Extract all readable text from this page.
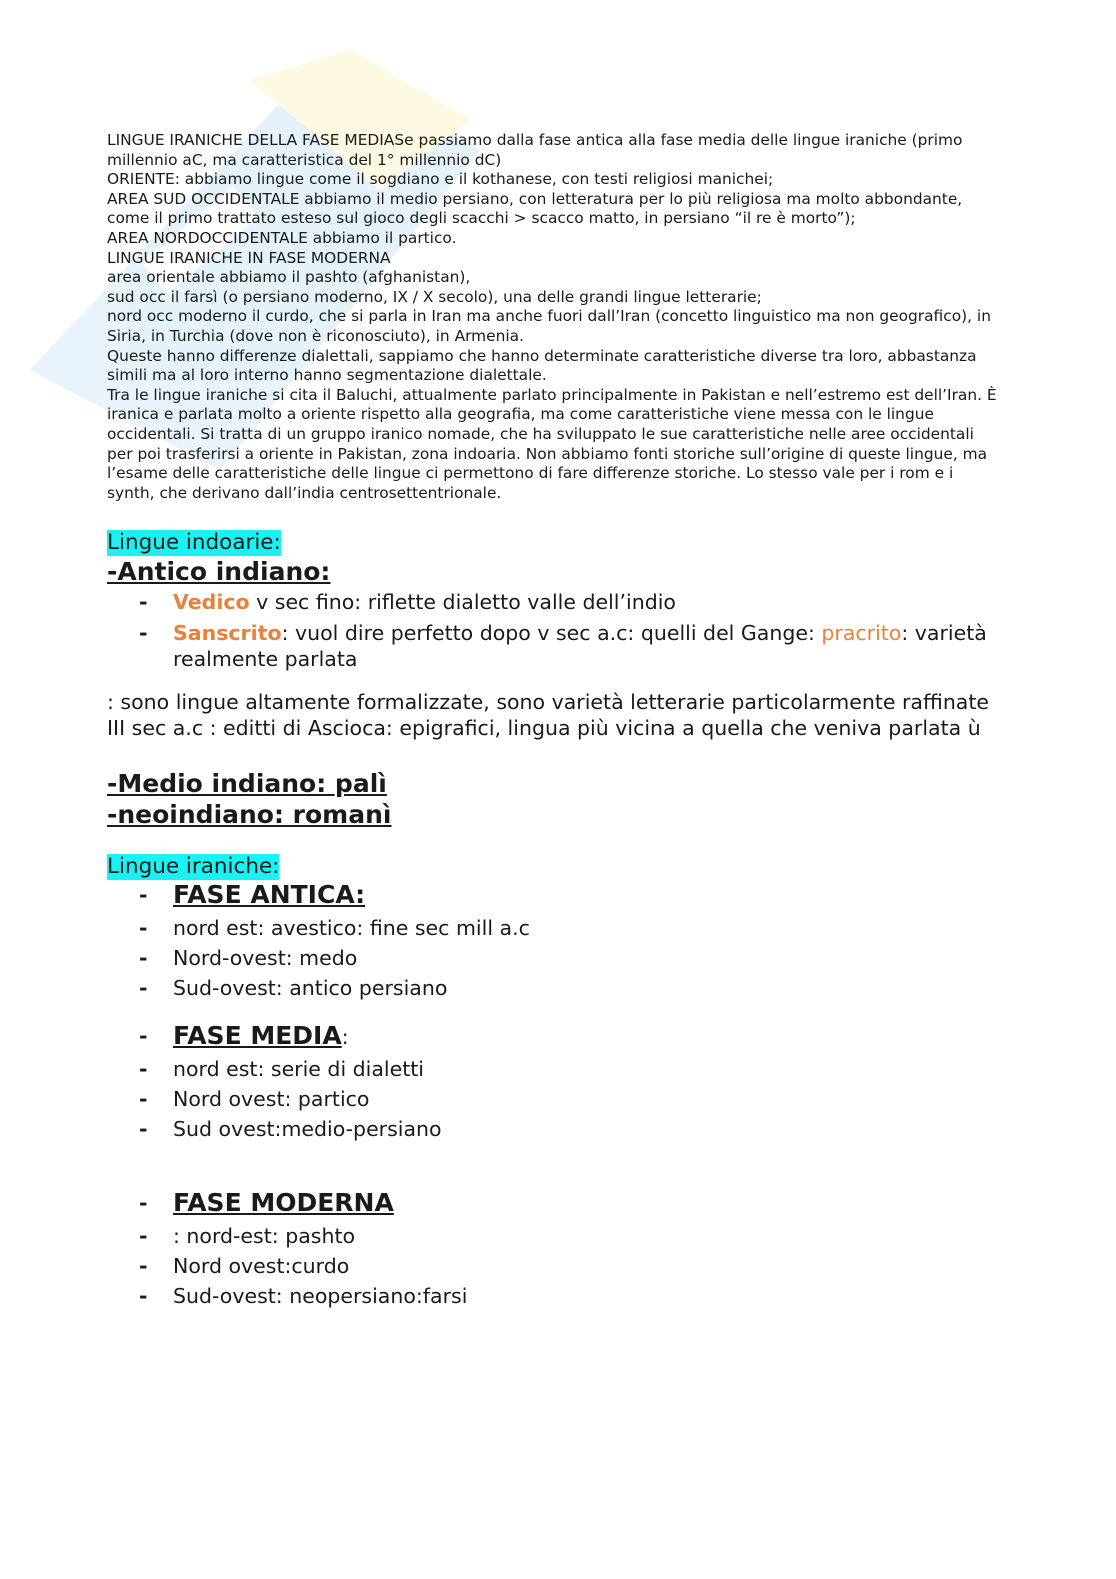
LINGUE IRANICHE DELLA FASE MEDIASe passiamo dalla fase antica alla fase media delle lingue iraniche (primo millennio aC, ma caratteristica del 1° millennio dC)

ORIENTE: abbiamo lingue come il sogdiano e il kothanese, con testi religiosi manichei;

AREA SUD OCCIDENTALE abbiamo il medio persiano, con letteratura per lo più religiosa ma molto abbondante, come il primo trattato esteso sul gioco degli scacchi > scacco matto, in persiano “il re è morto”);

AREA NORDOCCIDENTALE abbiamo il partico.

LINGUE IRANICHE IN FASE MODERNA

area orientale abbiamo il pashto (afghanistan),

sud occ il farsì (o persiano moderno, IX / X secolo), una delle grandi lingue letterarie;

nord occ moderno il curdo, che si parla in Iran ma anche fuori dall’Iran (concetto linguistico ma non geografico), in Siria, in Turchia (dove non è riconosciuto), in Armenia.

Queste hanno differenze dialettali, sappiamo che hanno determinate caratteristiche diverse tra loro, abbastanza simili ma al loro interno hanno segmentazione dialettale.

Tra le lingue iraniche si cita il Baluchi, attualmente parlato principalmente in Pakistan e nell’estremo est dell’Iran. È iranica e parlata molto a oriente rispetto alla geografia, ma come caratteristiche viene messa con le lingue occidentali. Si tratta di un gruppo iranico nomade, che ha sviluppato le sue caratteristiche nelle aree occidentali per poi trasferirsi a oriente in Pakistan, zona indoaria. Non abbiamo fonti storiche sull’origine di queste lingue, ma l’esame delle caratteristiche delle lingue ci permettono di fare differenze storiche. Lo stesso vale per i rom e i synth, che derivano dall’india centrosettentrionale.

Lingue indoarie:

-Antico indiano:

- Vedico v sec fino: riflette dialetto valle dell’indio
- Sanscrito: vuol dire perfetto dopo v sec a.c: quelli del Gange: pracrito: varietà realmente parlata

: sono lingue altamente formalizzate, sono varietà letterarie particolarmente raffinate

III sec a.c : editti di Ascioca: epigrafici, lingua più vicina a quella che veniva parlata ù

-Medio indiano: palì

-neoindiano: romanì

Lingue iraniche:
- FASE ANTICA:
- nord est: avestico: fine sec mill a.c
- Nord-ovest: medo
- Sud-ovest: antico persiano
- FASE MEDIA:
- nord est: serie di dialetti
- Nord ovest: partico
- Sud ovest:medio-persiano
- FASE MODERNA
- : nord-est: pashto
- Nord ovest:curdo
- Sud-ovest: neopersiano:farsi
